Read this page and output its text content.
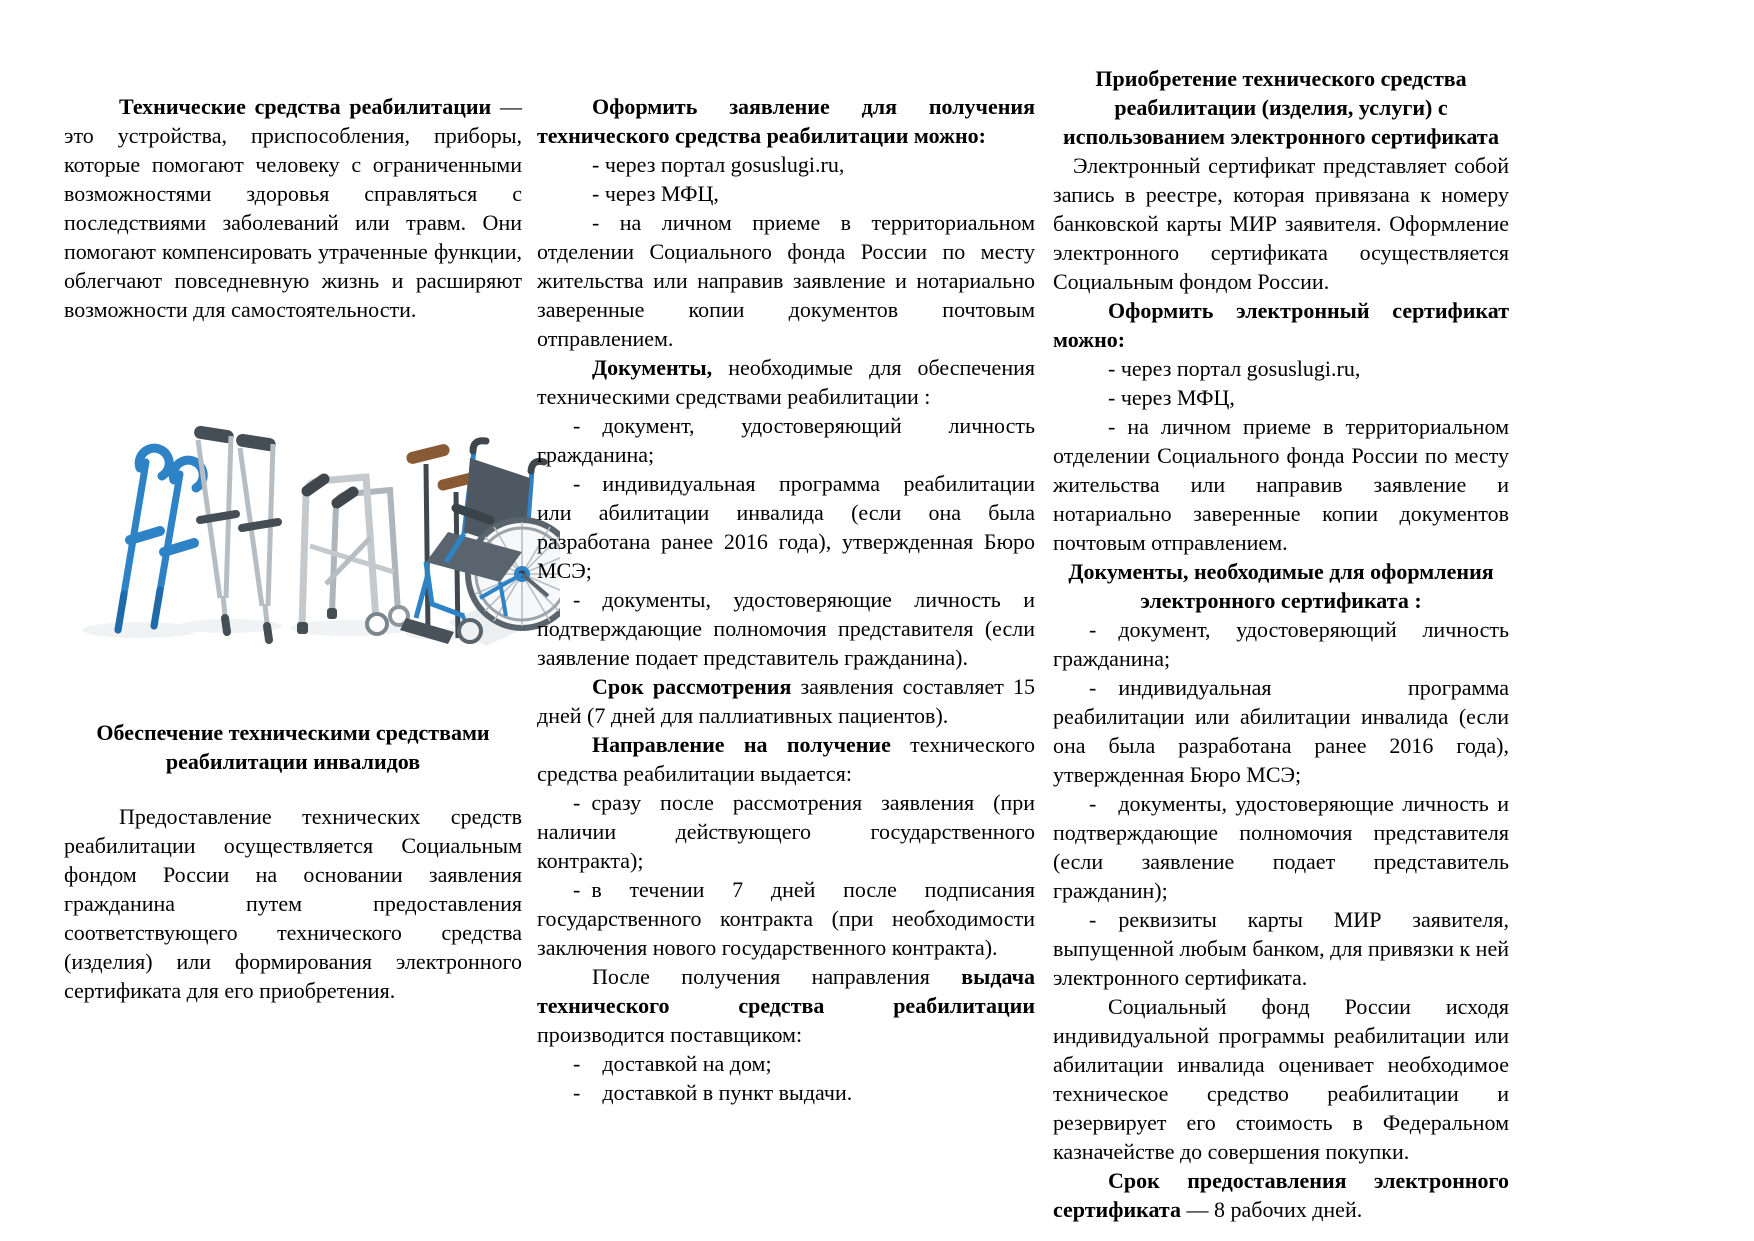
Технические средства реабилитации — это устройства, приспособления, приборы, которые помогают человеку с ограниченными возможностями здоровья справляться с последствиями заболеваний или травм. Они помогают компенсировать утраченные функции, облегчают повседневную жизнь и расширяют возможности для самостоятельности.

Обеспечение техническими средствами реабилитации инвалидов

Предоставление технических средств реабилитации осуществляется Социальным фондом России на основании заявления гражданина путем предоставления соответствующего технического средства (изделия) или формирования электронного сертификата для его приобретения.

Оформить заявление для получения технического средства реабилитации можно:

- через портал gosuslugi.ru,

- через МФЦ,

- на личном приеме в территориальном отделении Социального фонда России по месту жительства или направив заявление и нотариально заверенные копии документов почтовым отправлением.

Документы, необходимые для обеспечения техническими средствами реабилитации :

- документ, удостоверяющий личность гражданина;

- индивидуальная программа реабилитации или абилитации инвалида (если она была разработана ранее 2016 года), утвержденная Бюро МСЭ;

- документы, удостоверяющие личность и подтверждающие полномочия представителя (если заявление подает представитель гражданина).

Срок рассмотрения заявления составляет 15 дней (7 дней для паллиативных пациентов).

Направление на получение технического средства реабилитации выдается:

- сразу после рассмотрения заявления (при наличии действующего государственного контракта);

- в течении 7 дней после подписания государственного контракта (при необходимости заключения нового государственного контракта).

После получения направления выдача технического средства реабилитации производится поставщиком:

- доставкой на дом;

- доставкой в пункт выдачи.

Приобретение технического средства реабилитации (изделия, услуги) с использованием электронного сертификата

Электронный сертификат представляет собой запись в реестре, которая привязана к номеру банковской карты МИР заявителя. Оформление электронного сертификата осуществляется Социальным фондом России.

Оформить электронный сертификат можно:

- через портал gosuslugi.ru,

- через МФЦ,

- на личном приеме в территориальном отделении Социального фонда России по месту жительства или направив заявление и нотариально заверенные копии документов почтовым отправлением.

Документы, необходимые для оформления электронного сертификата :

- документ, удостоверяющий личность гражданина;

- индивидуальная программа реабилитации или абилитации инвалида (если она была разработана ранее 2016 года), утвержденная Бюро МСЭ;

- документы, удостоверяющие личность и подтверждающие полномочия представителя (если заявление подает представитель гражданин);

- реквизиты карты МИР заявителя, выпущенной любым банком, для привязки к ней электронного сертификата.

Социальный фонд России исходя индивидуальной программы реабилитации или абилитации инвалида оценивает необходимое техническое средство реабилитации и резервирует его стоимость в Федеральном казначействе до совершения покупки.

Срок предоставления электронного сертификата — 8 рабочих дней.
